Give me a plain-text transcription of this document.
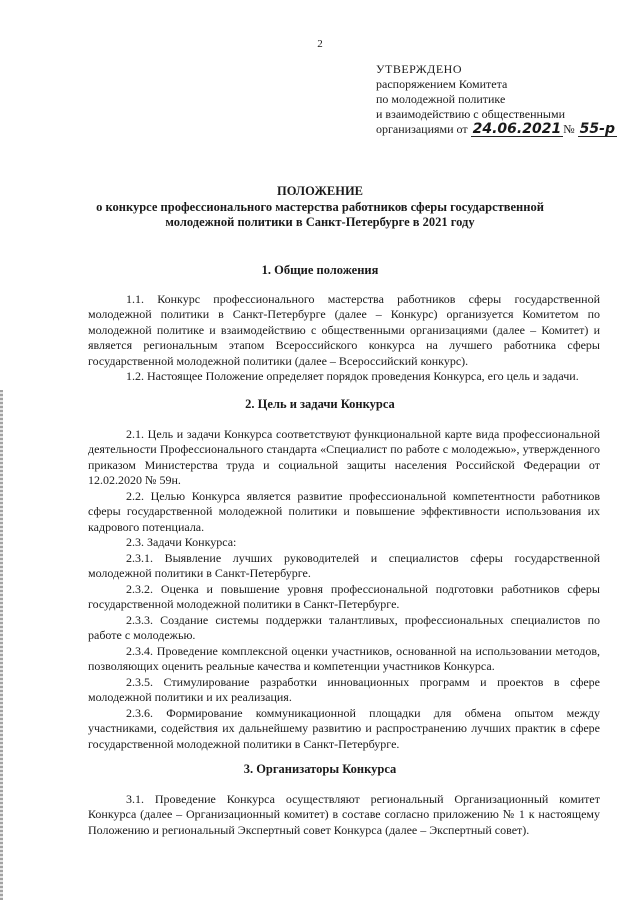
2
УТВЕРЖДЕНО
распоряжением Комитета
по молодежной политике
и взаимодействию с общественными
организациями от 24.06.2021 № 55-р
ПОЛОЖЕНИЕ
о конкурсе профессионального мастерства работников сферы государственной
молодежной политики в Санкт-Петербурге в 2021 году
1. Общие положения
1.1. Конкурс профессионального мастерства работников сферы государственной молодежной политики в Санкт-Петербурге (далее – Конкурс) организуется Комитетом по молодежной политике и взаимодействию с общественными организациями (далее – Комитет) и является региональным этапом Всероссийского конкурса на лучшего работника сферы государственной молодежной политики (далее – Всероссийский конкурс).
1.2. Настоящее Положение определяет порядок проведения Конкурса, его цель и задачи.
2. Цель и задачи Конкурса
2.1. Цель и задачи Конкурса соответствуют функциональной карте вида профессиональной деятельности Профессионального стандарта «Специалист по работе с молодежью», утвержденного приказом Министерства труда и социальной защиты населения Российской Федерации от 12.02.2020 № 59н.
2.2. Целью Конкурса является развитие профессиональной компетентности работников сферы государственной молодежной политики и повышение эффективности использования их кадрового потенциала.
2.3. Задачи Конкурса:
2.3.1. Выявление лучших руководителей и специалистов сферы государственной молодежной политики в Санкт-Петербурге.
2.3.2. Оценка и повышение уровня профессиональной подготовки работников сферы государственной молодежной политики в Санкт-Петербурге.
2.3.3. Создание системы поддержки талантливых, профессиональных специалистов по работе с молодежью.
2.3.4. Проведение комплексной оценки участников, основанной на использовании методов, позволяющих оценить реальные качества и компетенции участников Конкурса.
2.3.5. Стимулирование разработки инновационных программ и проектов в сфере молодежной политики и их реализация.
2.3.6. Формирование коммуникационной площадки для обмена опытом между участниками, содействия их дальнейшему развитию и распространению лучших практик в сфере государственной молодежной политики в Санкт-Петербурге.
3. Организаторы Конкурса
3.1. Проведение Конкурса осуществляют региональный Организационный комитет Конкурса (далее – Организационный комитет) в составе согласно приложению № 1 к настоящему Положению и региональный Экспертный совет Конкурса (далее – Экспертный совет).
